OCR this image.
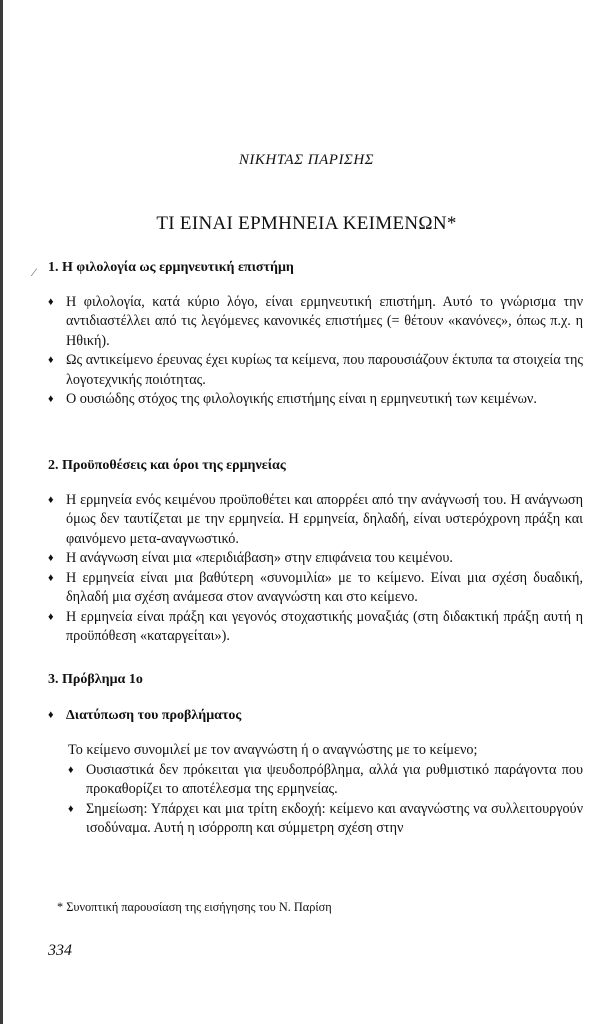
ΝΙΚΗΤΑΣ ΠΑΡΙΣΗΣ
ΤΙ ΕΙΝΑΙ ΕΡΜΗΝΕΙΑ ΚΕΙΜΕΝΩΝ*
⁄ 1. Η φιλολογία ως ερμηνευτική επιστήμη
♦ Η φιλολογία, κατά κύριο λόγο, είναι ερμηνευτική επιστήμη. Αυτό το γνώρισμα την αντιδιαστέλλει από τις λεγόμενες κανονικές επιστήμες (= θέτουν «κανόνες», όπως π.χ. η Ηθική).
♦ Ως αντικείμενο έρευνας έχει κυρίως τα κείμενα, που παρουσιάζουν έκτυπα τα στοιχεία της λογοτεχνικής ποιότητας.
♦ Ο ουσιώδης στόχος της φιλολογικής επιστήμης είναι η ερμηνευτική των κειμένων.
2. Προϋποθέσεις και όροι της ερμηνείας
♦ Η ερμηνεία ενός κειμένου προϋποθέτει και απορρέει από την ανάγνωσή του. Η ανάγνωση όμως δεν ταυτίζεται με την ερμηνεία. Η ερμηνεία, δηλαδή, είναι υστερόχρονη πράξη και φαινόμενο μετα-αναγνωστικό.
♦ Η ανάγνωση είναι μια «περιδιάβαση» στην επιφάνεια του κειμένου.
♦ Η ερμηνεία είναι μια βαθύτερη «συνομιλία» με το κείμενο. Είναι μια σχέση δυαδική, δηλαδή μια σχέση ανάμεσα στον αναγνώστη και στο κείμενο.
♦ Η ερμηνεία είναι πράξη και γεγονός στοχαστικής μοναξιάς (στη διδακτική πράξη αυτή η προϋπόθεση «καταργείται»).
3. Πρόβλημα 1ο
♦ Διατύπωση του προβλήματος
Το κείμενο συνομιλεί με τον αναγνώστη ή ο αναγνώστης με το κείμενο;
♦ Ουσιαστικά δεν πρόκειται για ψευδοπρόβλημα, αλλά για ρυθμιστικό παράγοντα που προκαθορίζει το αποτέλεσμα της ερμηνείας.
♦ Σημείωση: Υπάρχει και μια τρίτη εκδοχή: κείμενο και αναγνώστης να συλλειτουργούν ισοδύναμα. Αυτή η ισόρροπη και σύμμετρη σχέση στην
* Συνοπτική παρουσίαση της εισήγησης του Ν. Παρίση
334
